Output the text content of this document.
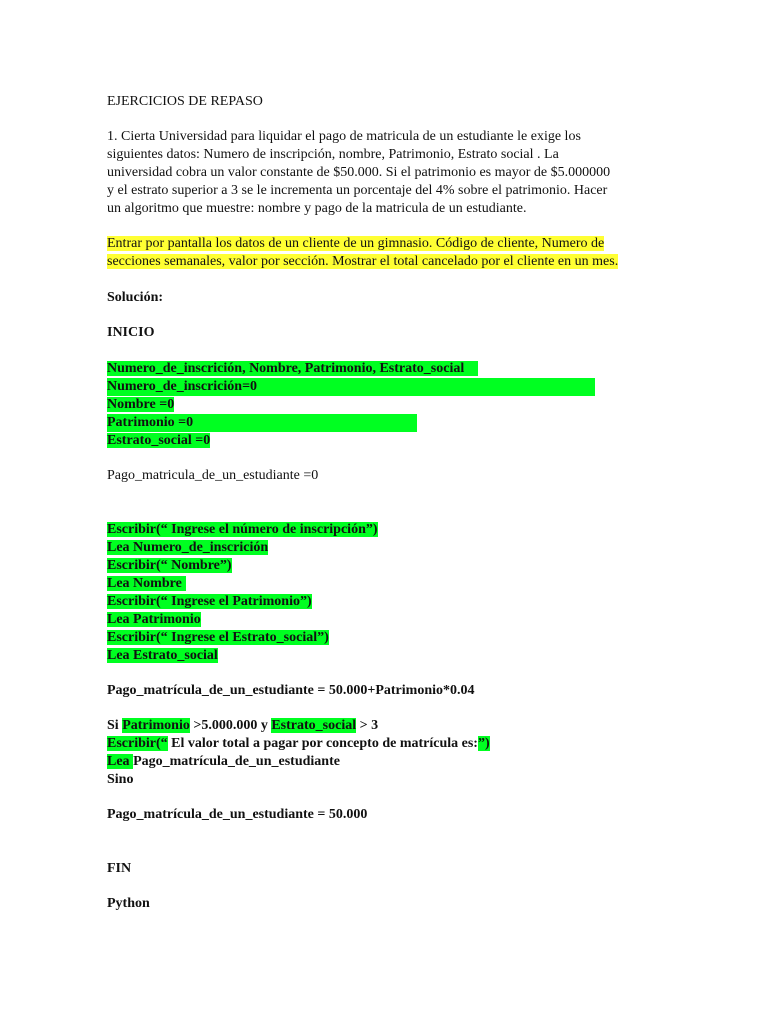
EJERCICIOS DE REPASO
1. Cierta Universidad para liquidar el pago de matricula de un estudiante le exige los
siguientes datos: Numero de inscripción, nombre, Patrimonio, Estrato social . La
universidad cobra un valor constante de $50.000. Si el patrimonio es mayor de $5.000000
y el estrato superior a 3 se le incrementa un porcentaje del 4% sobre el patrimonio. Hacer
un algoritmo que muestre: nombre y pago de la matricula de un estudiante.
Entrar por pantalla los datos de un cliente de un gimnasio. Código de cliente, Numero de
secciones semanales, valor por sección. Mostrar el total cancelado por el cliente en un mes.
Solución:
INICIO
Numero_de_inscrición, Nombre, Patrimonio, Estrato_social
Numero_de_inscrición=0
Nombre =0
Patrimonio =0
Estrato_social =0
Pago_matricula_de_un_estudiante =0
Escribir(“ Ingrese el número de inscripción”)
Lea Numero_de_inscrición
Escribir(“ Nombre”)
Lea Nombre
Escribir(“ Ingrese el Patrimonio”)
Lea Patrimonio
Escribir(“ Ingrese el Estrato_social”)
Lea Estrato_social
Pago_matrícula_de_un_estudiante = 50.000+Patrimonio*0.04
Si Patrimonio >5.000.000 y Estrato_social > 3
Escribir(“ El valor total a pagar por concepto de matrícula es:”)
Lea Pago_matrícula_de_un_estudiante
Sino
Pago_matrícula_de_un_estudiante = 50.000
FIN
Python
